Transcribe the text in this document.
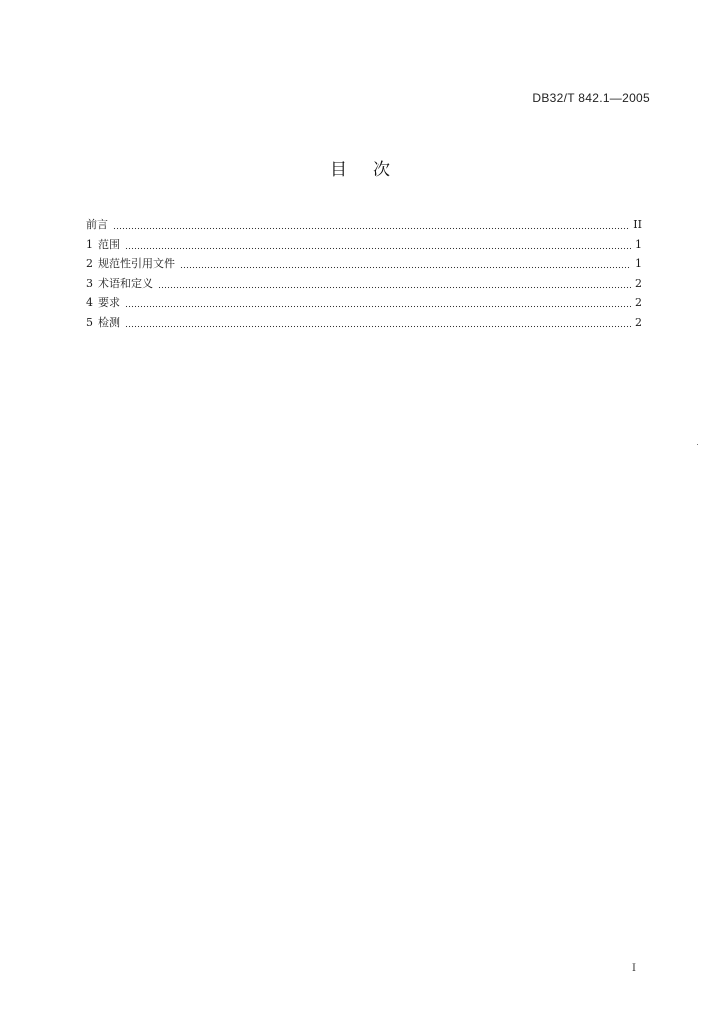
DB32/T 842.1—2005
目次
前言	II
1 范围	1
2 规范性引用文件	1
3 术语和定义	2
4 要求	2
5 检测	2
I
